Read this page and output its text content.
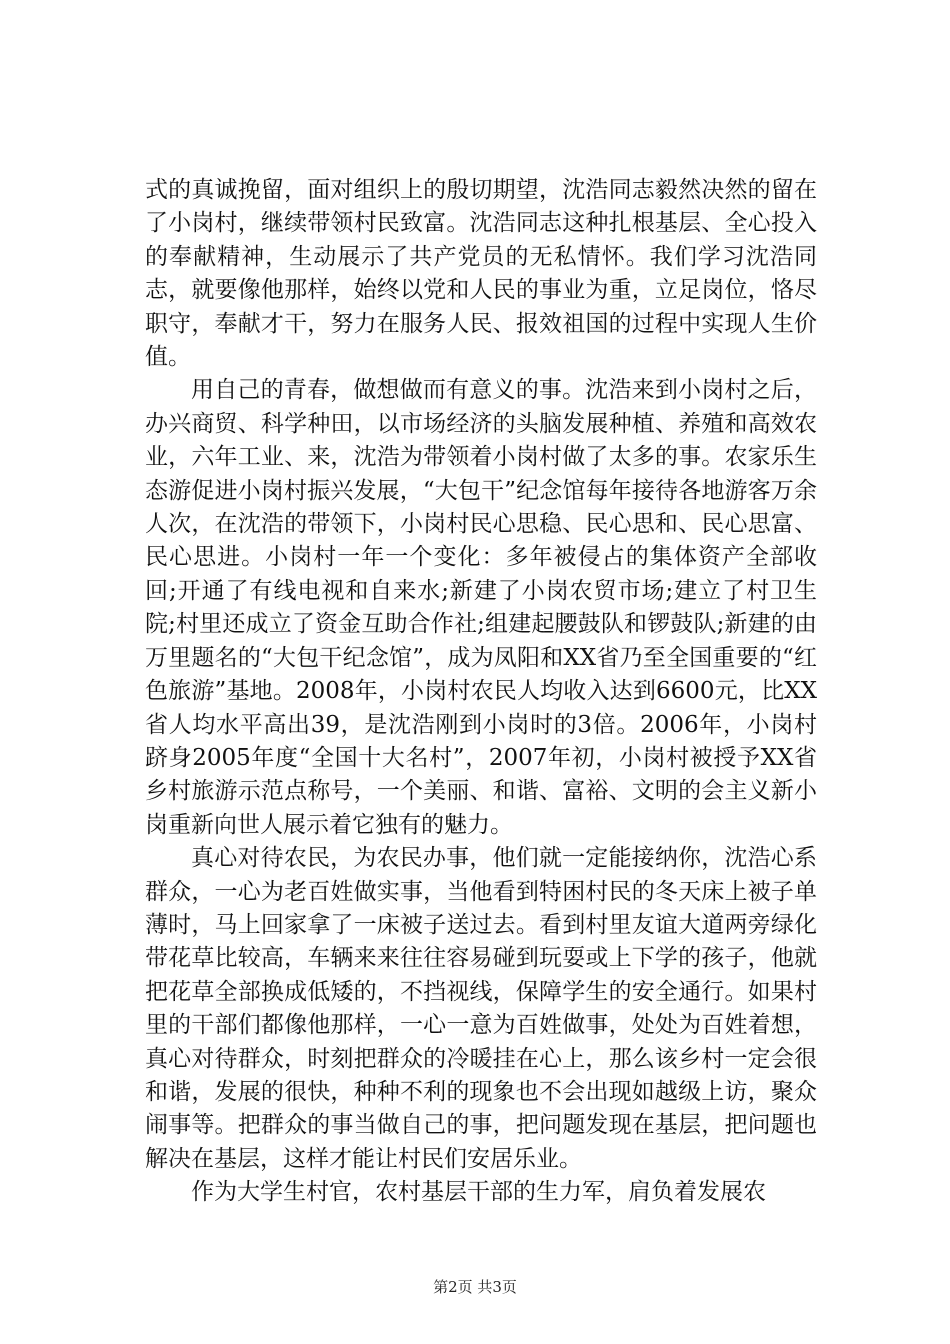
式的真诚挽留，面对组织上的殷切期望，沈浩同志毅然决然的留在了小岗村，继续带领村民致富。沈浩同志这种扎根基层、全心投入的奉献精神，生动展示了共产党员的无私情怀。我们学习沈浩同志，就要像他那样，始终以党和人民的事业为重，立足岗位，恪尽职守，奉献才干，努力在服务人民、报效祖国的过程中实现人生价值。

用自己的青春，做想做而有意义的事。沈浩来到小岗村之后，办兴商贸、科学种田，以市场经济的头脑发展种植、养殖和高效农业，六年工业、来，沈浩为带领着小岗村做了太多的事。农家乐生态游促进小岗村振兴发展，“大包干”纪念馆每年接待各地游客万余人次，在沈浩的带领下，小岗村民心思稳、民心思和、民心思富、民心思进。小岗村一年一个变化：多年被侵占的集体资产全部收回;开通了有线电视和自来水;新建了小岗农贸市场;建立了村卫生院;村里还成立了资金互助合作社;组建起腰鼓队和锣鼓队;新建的由万里题名的“大包干纪念馆”，成为凤阳和XX省乃至全国重要的“红色旅游”基地。2008年，小岗村农民人均收入达到6600元，比XX省人均水平高出39，是沈浩刚到小岗时的3倍。2006年，小岗村跻身2005年度“全国十大名村”，2007年初，小岗村被授予XX省乡村旅游示范点称号，一个美丽、和谐、富裕、文明的会主义新小岗重新向世人展示着它独有的魅力。

真心对待农民，为农民办事，他们就一定能接纳你，沈浩心系群众，一心为老百姓做实事，当他看到特困村民的冬天床上被子单薄时，马上回家拿了一床被子送过去。看到村里友谊大道两旁绿化带花草比较高，车辆来来往往容易碰到玩耍或上下学的孩子，他就把花草全部换成低矮的，不挡视线，保障学生的安全通行。如果村里的干部们都像他那样，一心一意为百姓做事，处处为百姓着想，真心对待群众，时刻把群众的冷暖挂在心上，那么该乡村一定会很和谐，发展的很快，种种不利的现象也不会出现如越级上访，聚众闹事等。把群众的事当做自己的事，把问题发现在基层，把问题也解决在基层，这样才能让村民们安居乐业。

作为大学生村官，农村基层干部的生力军，肩负着发展农

第2页 共3页
